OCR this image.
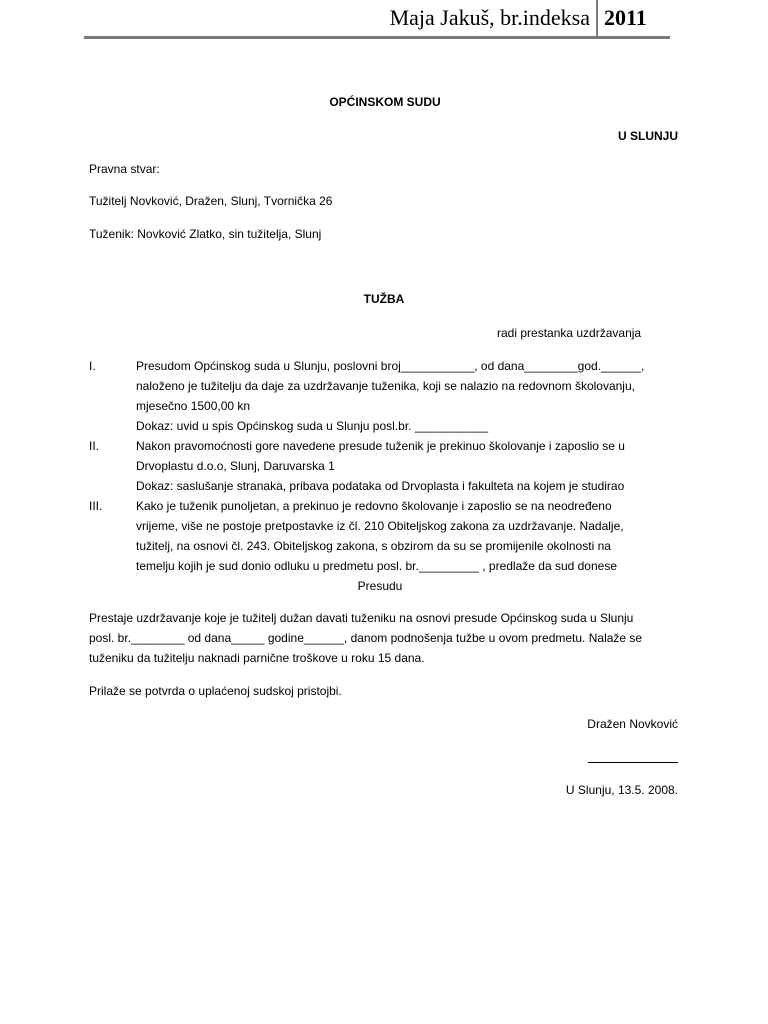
Maja Jakuš, br.indeksa 2011
OPĆINSKOM SUDU
U SLUNJU
Pravna stvar:
Tužitelj Novković, Dražen, Slunj, Tvornička 26
Tuženik: Novković Zlatko, sin tužitelja, Slunj
TUŽBA
radi prestanka uzdržavanja
I.	Presudom Općinskog suda u Slunju, poslovni broj___________, od dana________god.______,
naloženo je tužitelju da daje za uzdržavanje tuženika, koji se nalazio na redovnom školovanju,
mjesečno 1500,00 kn
Dokaz: uvid u spis Općinskog suda u Slunju posl.br. ___________
II.	Nakon pravomoćnosti gore navedene presude tuženik je prekinuo školovanje i zaposlio se u
Drvoplastu d.o.o, Slunj, Daruvarska 1
Dokaz: saslušanje stranaka, pribava podataka od Drvoplasta i fakulteta na kojem je studirao
III.	Kako je tuženik punoljetan, a prekinuo je redovno školovanje i zaposlio se na neodređeno
vrijeme, više ne postoje pretpostavke iz čl. 210 Obiteljskog zakona za uzdržavanje. Nadalje,
tužitelj, na osnovi čl. 243. Obiteljskog zakona, s obzirom da su se promijenile okolnosti na
temelju kojih je sud donio odluku u predmetu posl. br._________ , predlaže da sud donese
Presudu
Prestaje uzdržavanje koje je tužitelj dužan davati tuženiku na osnovi presude Općinskog suda u Slunju
posl. br.________ od dana_____ godine______, danom podnošenja tužbe u ovom predmetu. Nalaže se
tuženiku da tužitelju naknadi parnične troškove u roku 15 dana.
Prilaže se potvrda o uplaćenoj sudskoj pristojbi.
Dražen Novković
U Slunju, 13.5. 2008.
